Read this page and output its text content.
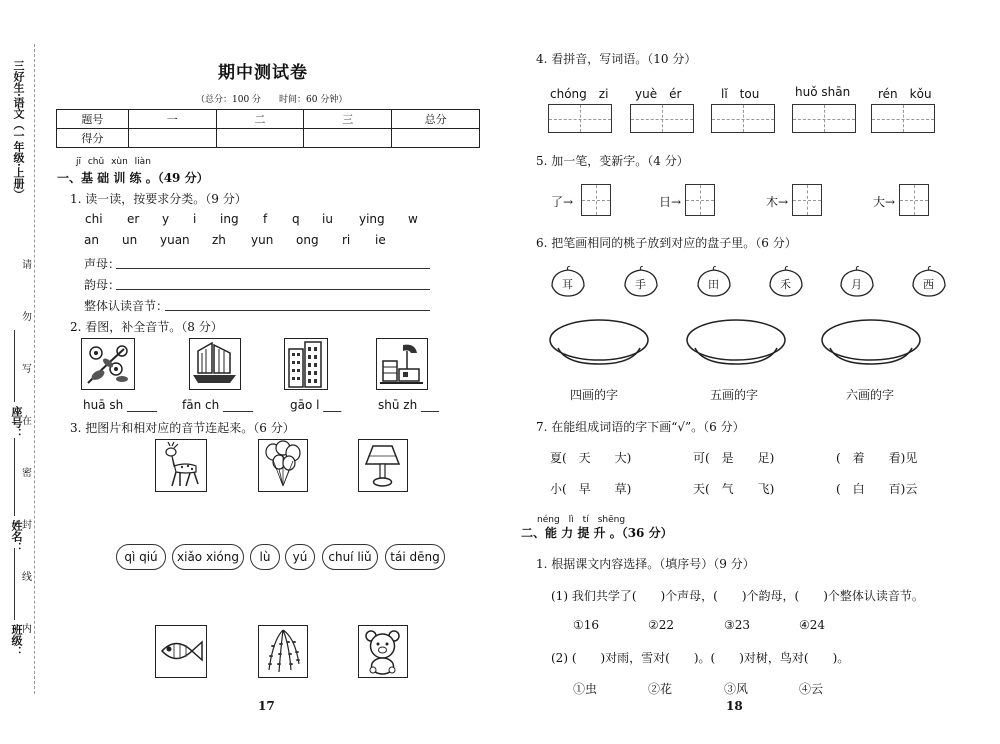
三好生·语文（一年级·上册）
请
勿
写
在
密
封
线
内
座号：
姓名：
班级：
期中测试卷
（总分：100 分　　时间：60 分钟）
题号	一	二	三	总分
得分				
jī chǔ xùn liàn
一、基 础 训 练 。（49 分）
1. 读一读，按要求分类。（9 分）
chi er y i ing f q iu ying w
an un yuan zh yun ong ri ie
声母：
韵母：
整体认读音节：
2. 看图，补全音节。（8 分）
huā sh _____ fān ch _____	gāo l ___	shū zh ___
3. 把图片和相对应的音节连起来。（6 分）
qì qiú	xiǎo xióng	lù	yú	chuí liǔ	tái dēng
17
4. 看拼音，写词语。（10 分）
chóng　zi yuè　ér	lǐ　tou	huǒ shān rén　kǒu
5. 加一笔，变新字。（4 分）
了→	日→	木→	大→
6. 把笔画相同的桃子放到对应的盘子里。（6 分）
耳	手	田	禾	月	西
四画的字	五画的字	六画的字
7. 在能组成词语的字下画“√”。（6 分）
夏(　天　　大)	可(　是　　足)	(　着　　看)见
小(　早　　草)	天(　气　　飞)	(　白　　百)云
néng　lì　tí　shēng
二、能 力 提 升 。（36 分）
1. 根据课文内容选择。（填序号）（9 分）
(1) 我们共学了(　　)个声母，(　　)个韵母，(　　)个整体认读音节。
①16	②22	③23	④24
(2) (　　)对雨，雪对(　　)。(　　)对树，鸟对(　　)。
①虫	②花	③风	④云
18
